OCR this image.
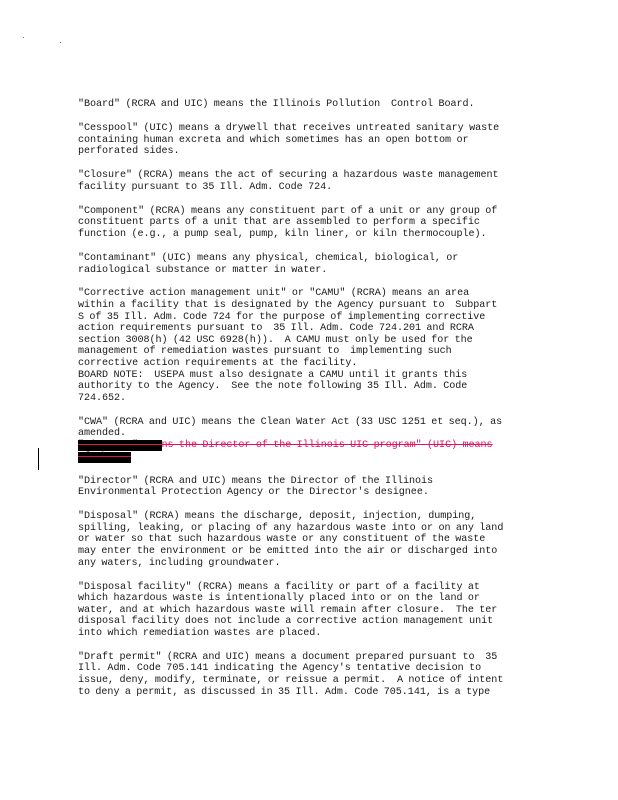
"Board" (RCRA and UIC) means the Illinois Pollution  Control Board.

"Cesspool" (UIC) means a drywell that receives untreated sanitary waste
containing human excreta and which sometimes has an open bottom or
perforated sides.

"Closure" (RCRA) means the act of securing a hazardous waste management
facility pursuant to 35 Ill. Adm. Code 724.

"Component" (RCRA) means any constituent part of a unit or any group of
constituent parts of a unit that are assembled to perform a specific
function (e.g., a pump seal, pump, kiln liner, or kiln thermocouple).

"Contaminant" (UIC) means any physical, chemical, biological, or
radiological substance or matter in water.

"Corrective action management unit" or "CAMU" (RCRA) means an area
within a facility that is designated by the Agency pursuant to  Subpart
S of 35 Ill. Adm. Code 724 for the purpose of implementing corrective
action requirements pursuant to  35 Ill. Adm. Code 724.201 and RCRA
section 3008(h) (42 USC 6928(h)).  A CAMU must only be used for the
management of remediation wastes pursuant to  implementing such
corrective action requirements at the facility.

BOARD NOTE:  USEPA must also designate a CAMU until it grants this
authority to the Agency.  See the note following 35 Ill. Adm. Code
724.652.

"CWA" (RCRA and UIC) means the Clean Water Act (33 USC 1251 et seq.), as
amended.

"Director" means the Director of the Illinois UIC program" (UIC) means
of the Ag

"Director" (RCRA and UIC) means the Director of the Illinois
Environmental Protection Agency or the Director's designee.

"Disposal" (RCRA) means the discharge, deposit, injection, dumping,
spilling, leaking, or placing of any hazardous waste into or on any land
or water so that such hazardous waste or any constituent of the waste
may enter the environment or be emitted into the air or discharged into
any waters, including groundwater.

"Disposal facility" (RCRA) means a facility or part of a facility at
which hazardous waste is intentionally placed into or on the land or
water, and at which hazardous waste will remain after closure.  The ter
disposal facility does not include a corrective action management unit
into which remediation wastes are placed.

"Draft permit" (RCRA and UIC) means a document prepared pursuant to  35
Ill. Adm. Code 705.141 indicating the Agency's tentative decision to
issue, deny, modify, terminate, or reissue a permit.  A notice of intent
to deny a permit, as discussed in 35 Ill. Adm. Code 705.141, is a type
